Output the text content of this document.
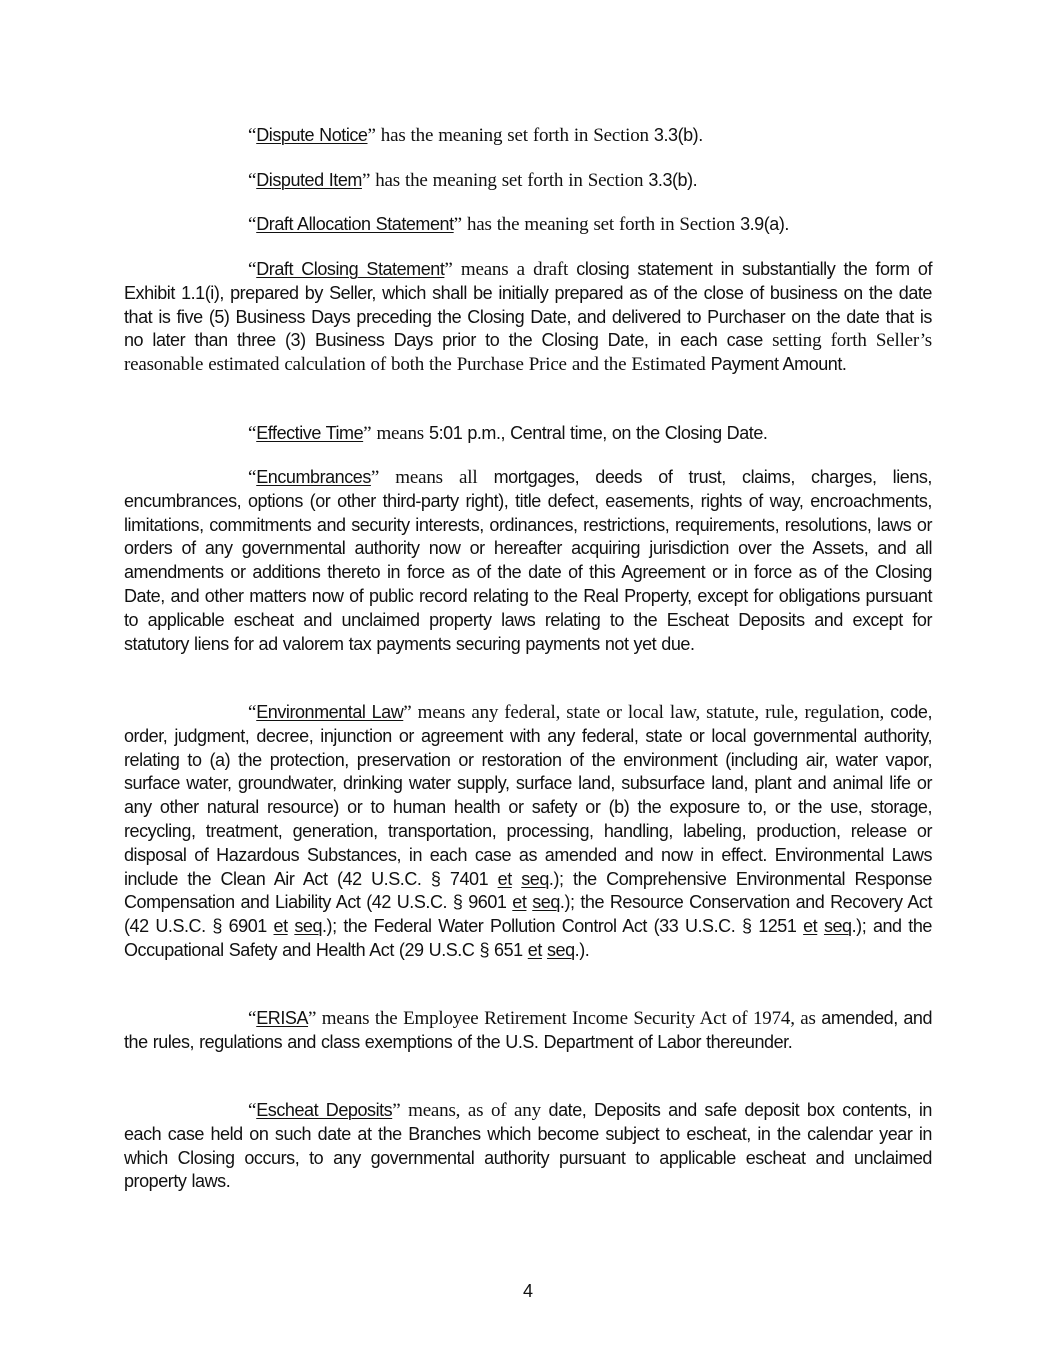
“Dispute Notice” has the meaning set forth in Section 3.3(b).

“Disputed Item” has the meaning set forth in Section 3.3(b).

“Draft Allocation Statement” has the meaning set forth in Section 3.9(a).

“Draft Closing Statement” means a draft closing statement in substantially the form of Exhibit 1.1(i), prepared by Seller, which shall be initially prepared as of the close of business on the date that is five (5) Business Days preceding the Closing Date, and delivered to Purchaser on the date that is no later than three (3) Business Days prior to the Closing Date, in each case setting forth Seller’s reasonable estimated calculation of both the Purchase Price and the Estimated Payment Amount.

“Effective Time” means 5:01 p.m., Central time, on the Closing Date.

“Encumbrances” means all mortgages, deeds of trust, claims, charges, liens, encumbrances, options (or other third-party right), title defect, easements, rights of way, encroachments, limitations, commitments and security interests, ordinances, restrictions, requirements, resolutions, laws or orders of any governmental authority now or hereafter acquiring jurisdiction over the Assets, and all amendments or additions thereto in force as of the date of this Agreement or in force as of the Closing Date, and other matters now of public record relating to the Real Property, except for obligations pursuant to applicable escheat and unclaimed property laws relating to the Escheat Deposits and except for statutory liens for ad valorem tax payments securing payments not yet due.

“Environmental Law” means any federal, state or local law, statute, rule, regulation, code, order, judgment, decree, injunction or agreement with any federal, state or local governmental authority, relating to (a) the protection, preservation or restoration of the environment (including air, water vapor, surface water, groundwater, drinking water supply, surface land, subsurface land, plant and animal life or any other natural resource) or to human health or safety or (b) the exposure to, or the use, storage, recycling, treatment, generation, transportation, processing, handling, labeling, production, release or disposal of Hazardous Substances, in each case as amended and now in effect. Environmental Laws include the Clean Air Act (42 U.S.C. § 7401 et seq.); the Comprehensive Environmental Response Compensation and Liability Act (42 U.S.C. § 9601 et seq.); the Resource Conservation and Recovery Act (42 U.S.C. § 6901 et seq.); the Federal Water Pollution Control Act (33 U.S.C. § 1251 et seq.); and the Occupational Safety and Health Act (29 U.S.C § 651 et seq.).

“ERISA” means the Employee Retirement Income Security Act of 1974, as amended, and the rules, regulations and class exemptions of the U.S. Department of Labor thereunder.

“Escheat Deposits” means, as of any date, Deposits and safe deposit box contents, in each case held on such date at the Branches which become subject to escheat, in the calendar year in which Closing occurs, to any governmental authority pursuant to applicable escheat and unclaimed property laws.

4
